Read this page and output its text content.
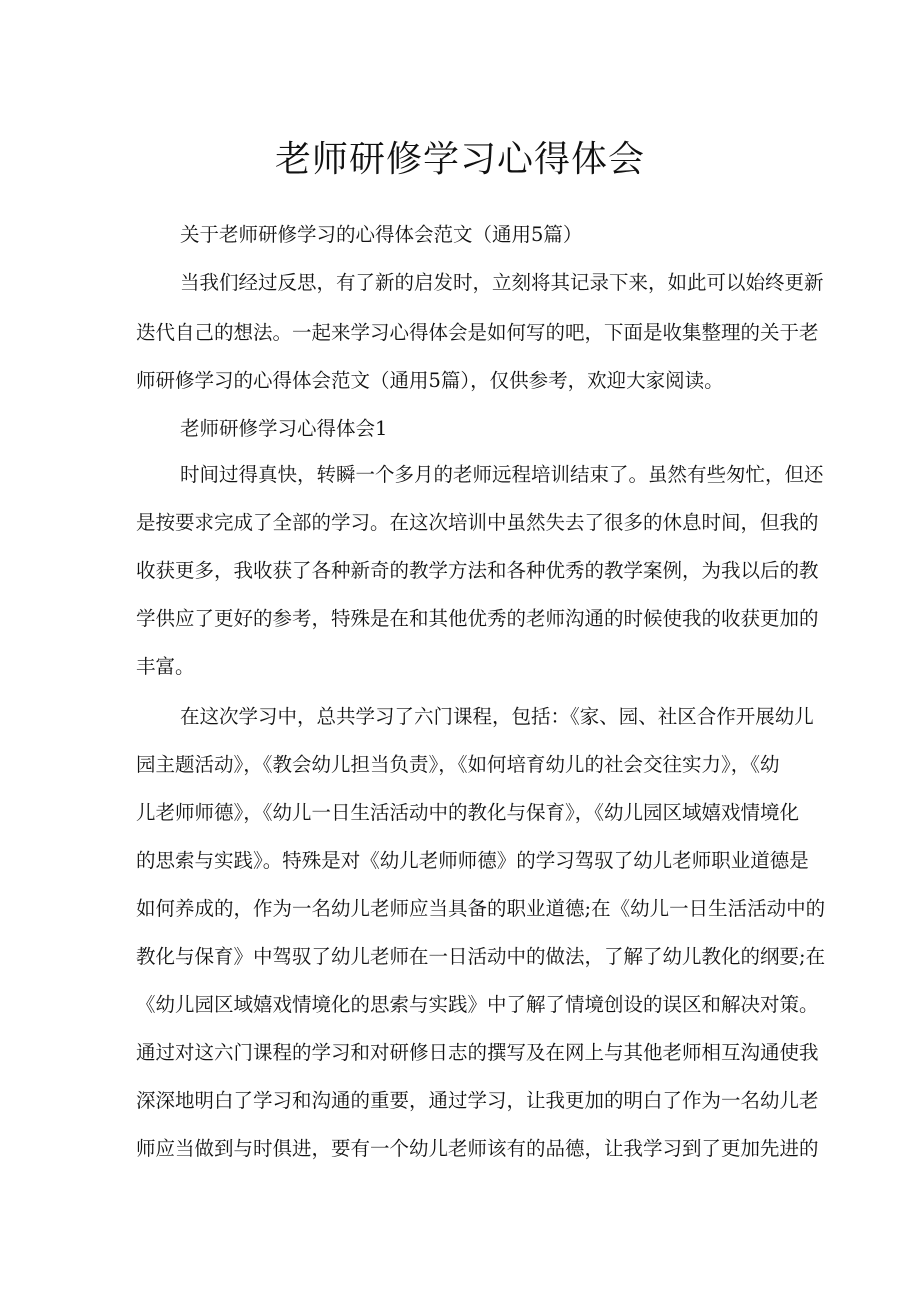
老师研修学习心得体会

关于老师研修学习的心得体会范文（通用5篇）

当我们经过反思，有了新的启发时，立刻将其记录下来，如此可以始终更新

迭代自己的想法。一起来学习心得体会是如何写的吧，下面是收集整理的关于老

师研修学习的心得体会范文（通用5篇），仅供参考，欢迎大家阅读。

老师研修学习心得体会1

时间过得真快，转瞬一个多月的老师远程培训结束了。虽然有些匆忙，但还

是按要求完成了全部的学习。在这次培训中虽然失去了很多的休息时间，但我的

收获更多，我收获了各种新奇的教学方法和各种优秀的教学案例，为我以后的教

学供应了更好的参考，特殊是在和其他优秀的老师沟通的时候使我的收获更加的

丰富。

在这次学习中，总共学习了六门课程，包括：《家、园、社区合作开展幼儿

园主题活动》，《教会幼儿担当负责》，《如何培育幼儿的社会交往实力》，《幼

儿老师师德》，《幼儿一日生活活动中的教化与保育》，《幼儿园区域嬉戏情境化

的思索与实践》。特殊是对《幼儿老师师德》的学习驾驭了幼儿老师职业道德是

如何养成的，作为一名幼儿老师应当具备的职业道德;在《幼儿一日生活活动中的

教化与保育》中驾驭了幼儿老师在一日活动中的做法，了解了幼儿教化的纲要;在

《幼儿园区域嬉戏情境化的思索与实践》中了解了情境创设的误区和解决对策。

通过对这六门课程的学习和对研修日志的撰写及在网上与其他老师相互沟通使我

深深地明白了学习和沟通的重要，通过学习，让我更加的明白了作为一名幼儿老

师应当做到与时俱进，要有一个幼儿老师该有的品德，让我学习到了更加先进的
